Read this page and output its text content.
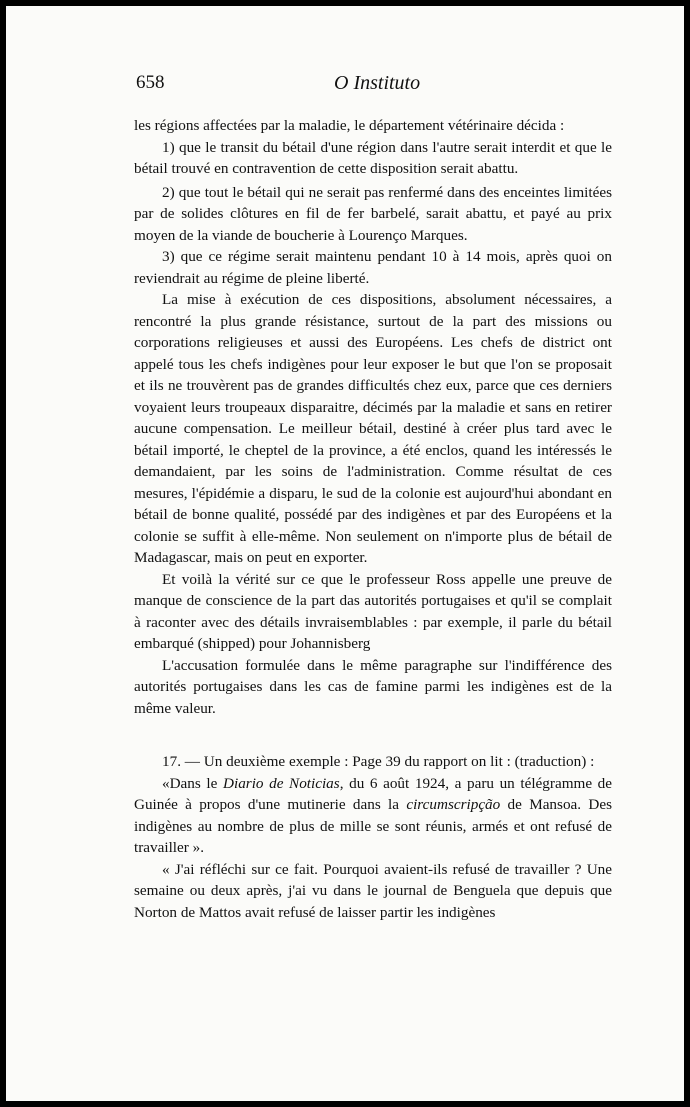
658	O Instituto

les régions affectées par la maladie, le département vétérinaire décida :

1) que le transit du bétail d'une région dans l'autre serait interdit et que le bétail trouvé en contravention de cette disposition serait abattu.

2) que tout le bétail qui ne serait pas renfermé dans des enceintes limitées par de solides clôtures en fil de fer barbelé, sarait abattu, et payé au prix moyen de la viande de boucherie à Lourenço Marques.

3) que ce régime serait maintenu pendant 10 à 14 mois, après quoi on reviendrait au régime de pleine liberté.

La mise à exécution de ces dispositions, absolument nécessaires, a rencontré la plus grande résistance, surtout de la part des missions ou corporations religieuses et aussi des Européens. Les chefs de district ont appelé tous les chefs indigènes pour leur exposer le but que l'on se proposait et ils ne trouvèrent pas de grandes difficultés chez eux, parce que ces derniers voyaient leurs troupeaux disparaitre, décimés par la maladie et sans en retirer aucune compensation. Le meilleur bétail, destiné à créer plus tard avec le bétail importé, le cheptel de la province, a été enclos, quand les intéressés le demandaient, par les soins de l'administration. Comme résultat de ces mesures, l'épidémie a disparu, le sud de la colonie est aujourd'hui abondant en bétail de bonne qualité, possédé par des indigènes et par des Européens et la colonie se suffit à elle-même. Non seulement on n'importe plus de bétail de Madagascar, mais on peut en exporter.

Et voilà la vérité sur ce que le professeur Ross appelle une preuve de manque de conscience de la part das autorités portugaises et qu'il se complait à raconter avec des détails invraisemblables : par exemple, il parle du bétail embarqué (shipped) pour Johannisberg

L'accusation formulée dans le même paragraphe sur l'indifférence des autorités portugaises dans les cas de famine parmi les indigènes est de la même valeur.

17. — Un deuxième exemple : Page 39 du rapport on lit : (traduction) :

«Dans le Diario de Noticias, du 6 août 1924, a paru un télégramme de Guinée à propos d'une mutinerie dans la circumscripção de Mansoa. Des indigènes au nombre de plus de mille se sont réunis, armés et ont refusé de travailler ».

« J'ai réfléchi sur ce fait. Pourquoi avaient-ils refusé de travailler ? Une semaine ou deux après, j'ai vu dans le journal de Benguela que depuis que Norton de Mattos avait refusé de laisser partir les indigènes
